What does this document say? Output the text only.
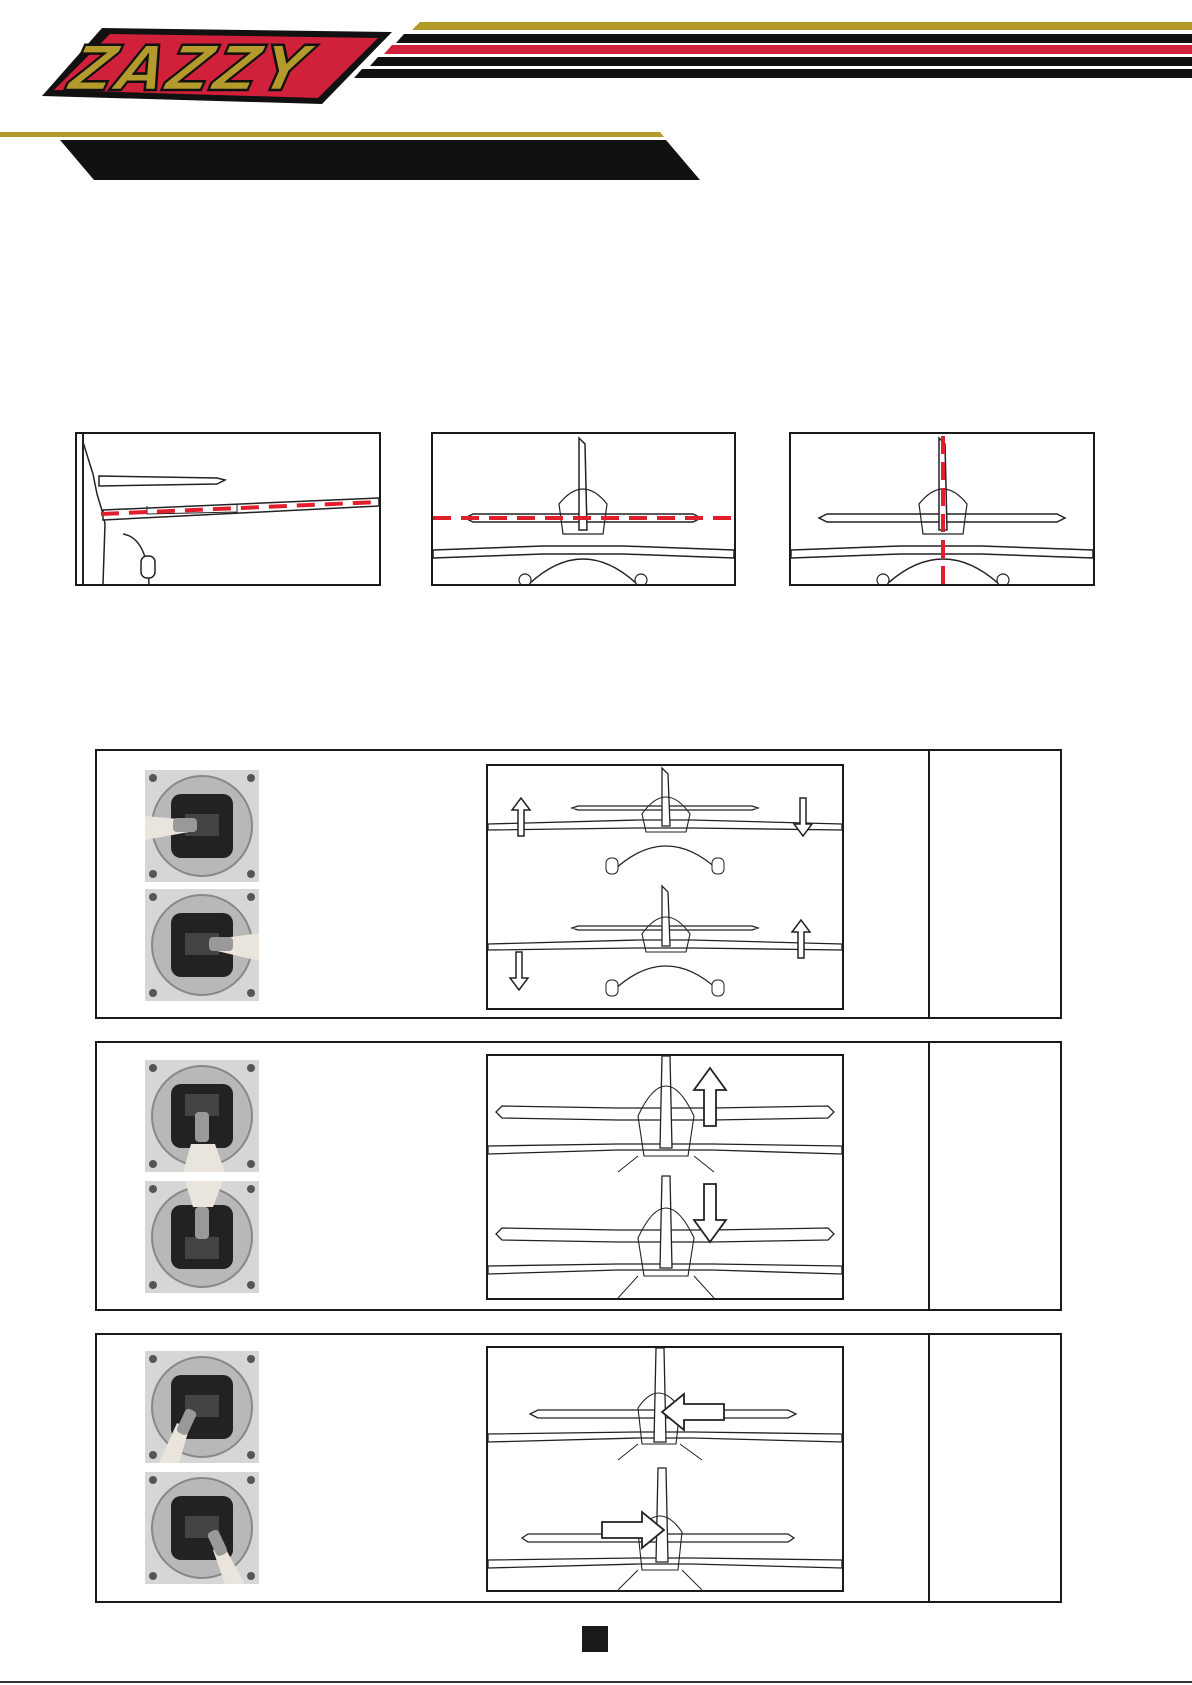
ZAZZY
